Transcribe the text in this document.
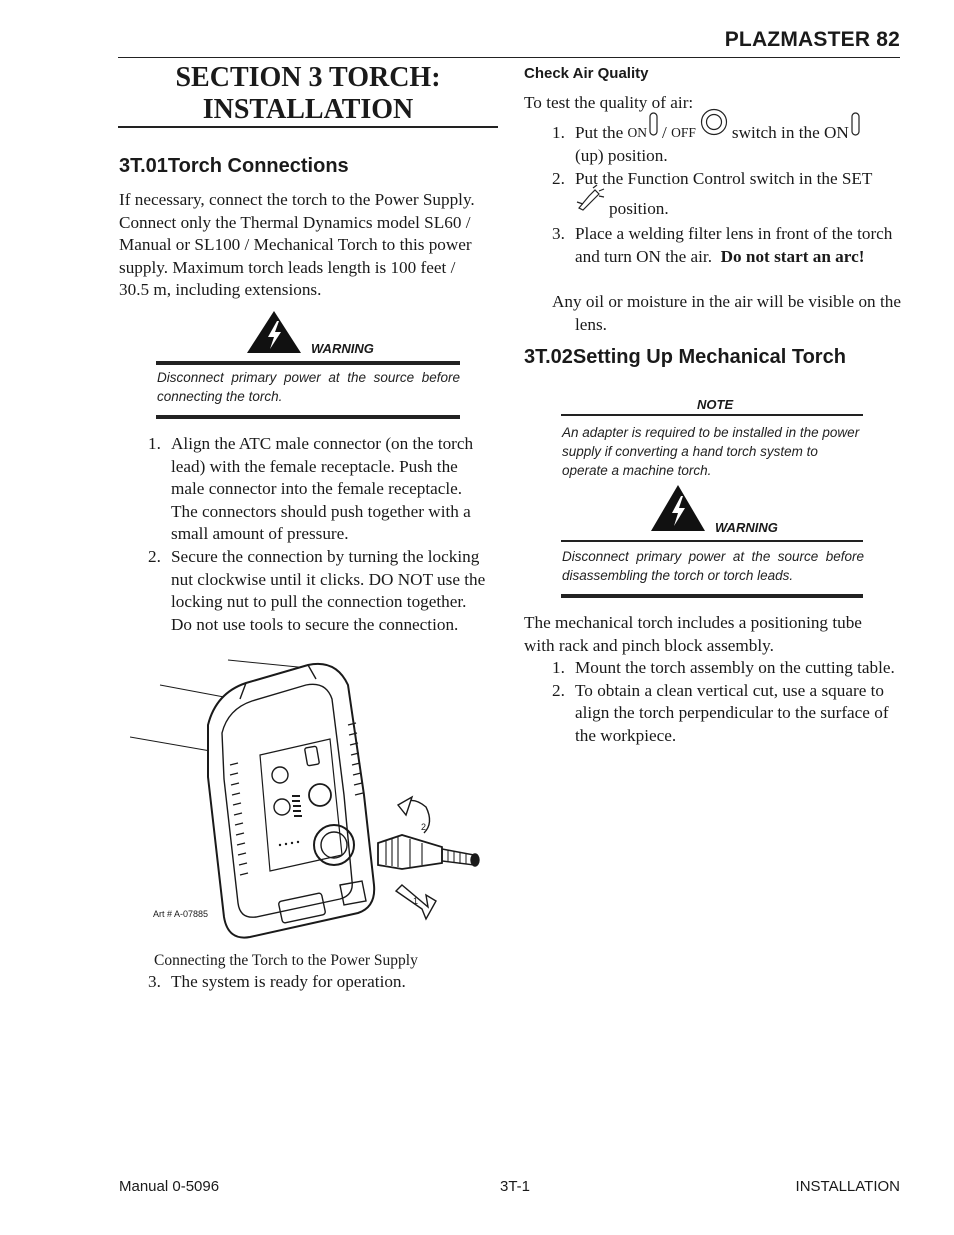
PLAZMASTER 82
SECTION 3 TORCH: INSTALLATION
3T.01Torch Connections
If necessary, connect the torch to the Power Supply. Connect only the Thermal Dynamics model SL60 / Manual or SL100 / Mechanical Torch to this power supply. Maximum torch leads length is 100 feet / 30.5 m, including extensions.
WARNING
Disconnect primary power at the source before connecting the torch.
1. Align the ATC male connector (on the torch lead) with the female receptacle. Push the male connector into the female receptacle. The connectors should push together with a small amount of pressure.
2. Secure the connection by turning the locking nut clockwise until it clicks. DO NOT use the locking nut to pull the connection together. Do not use tools to secure the connection.
2
1
Art # A-07885
Connecting the Torch to the Power Supply
3. The system is ready for operation.
Check Air Quality
To test the quality of air:
1. Put the
ON /
OFF switch in the ON
(up) position.
2. Put the Function Control switch in the SET
position.
3. Place a welding filter lens in front of the torch and turn ON the air. Do not start an arc!
Any oil or moisture in the air will be visible on the lens.
3T.02Setting Up Mechanical Torch
NOTE
An adapter is required to be installed in the power supply if converting a hand torch system to operate a machine torch.
WARNING
Disconnect primary power at the source before disassembling the torch or torch leads.
The mechanical torch includes a positioning tube with rack and pinch block assembly.
1. Mount the torch assembly on the cutting table.
2. To obtain a clean vertical cut, use a square to align the torch perpendicular to the surface of the workpiece.
Manual 0-5096	3T-1	INSTALLATION
